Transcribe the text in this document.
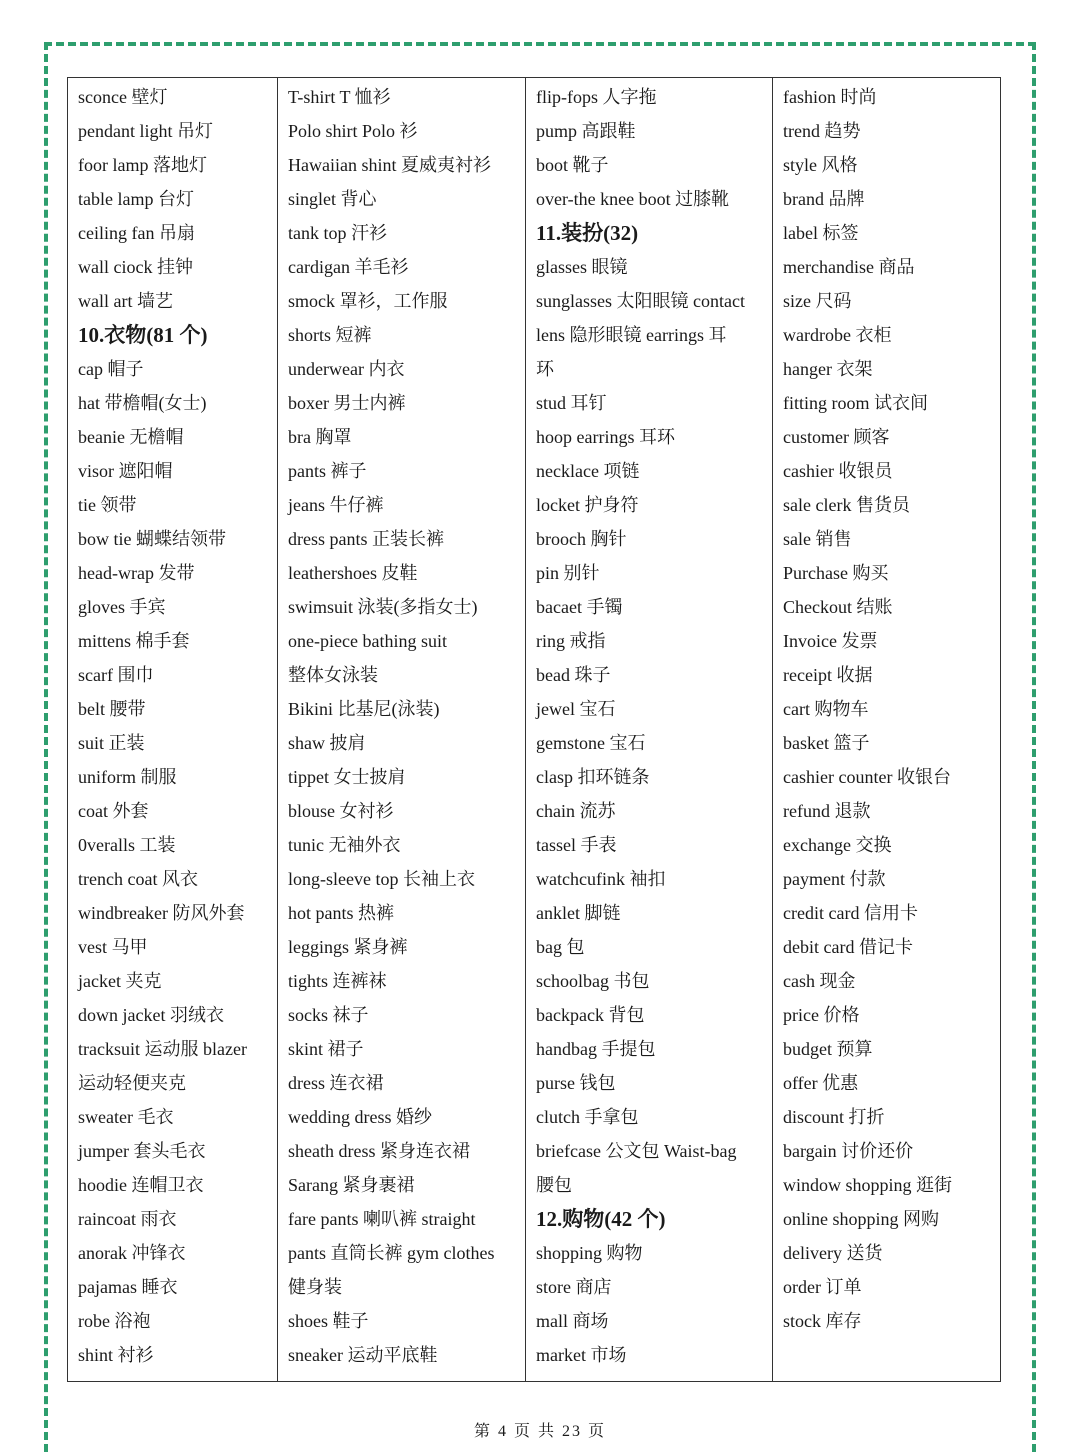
sconce 壁灯
pendant light 吊灯
foor lamp 落地灯
table lamp 台灯
ceiling fan 吊扇
wall ciock 挂钟
wall art 墙艺
10.衣物(81 个)
cap 帽子
hat 带檐帽(女士)
beanie 无檐帽
visor 遮阳帽
tie 领带
bow tie 蝴蝶结领带
head-wrap 发带
gloves 手宾
mittens 棉手套
scarf 围巾
belt 腰带
suit 正装
uniform 制服
coat 外套
0veralls 工装
trench coat 风衣
windbreaker 防风外套
vest 马甲
jacket 夹克
down jacket 羽绒衣
tracksuit 运动服 blazer
运动轻便夹克
sweater 毛衣
jumper 套头毛衣
hoodie 连帽卫衣
raincoat 雨衣
anorak 冲锋衣
pajamas 睡衣
robe 浴袍
shint 衬衫
T-shirt T 恤衫
Polo shirt Polo 衫
Hawaiian shint 夏威夷衬衫
singlet 背心
tank top 汗衫
cardigan 羊毛衫
smock 罩衫，工作服
shorts 短裤
underwear 内衣
boxer 男士内裤
bra 胸罩
pants 裤子
jeans 牛仔裤
dress pants 正装长裤
leathershoes 皮鞋
swimsuit 泳装(多指女士)
one-piece bathing suit
整体女泳装
Bikini 比基尼(泳装)
shaw 披肩
tippet 女士披肩
blouse 女衬衫
tunic 无袖外衣
long-sleeve top 长袖上衣
hot pants 热裤
leggings 紧身裤
tights 连裤袜
socks 袜子
skint 裙子
dress 连衣裙
wedding dress 婚纱
sheath dress 紧身连衣裙
Sarang 紧身裹裙
fare pants 喇叭裤 straight
pants 直筒长裤 gym clothes
健身装
shoes 鞋子
sneaker 运动平底鞋
flip-fops 人字拖
pump 高跟鞋
boot 靴子
over-the knee boot 过膝靴
11.装扮(32)
glasses 眼镜
sunglasses 太阳眼镜 contact
lens 隐形眼镜 earrings 耳
环
stud 耳钉
hoop earrings 耳环
necklace 项链
locket 护身符
brooch 胸针
pin 别针
bacaet 手镯
ring 戒指
bead 珠子
jewel 宝石
gemstone 宝石
clasp 扣环链条
chain 流苏
tassel 手表
watchcufink 袖扣
anklet 脚链
bag 包
schoolbag 书包
backpack 背包
handbag 手提包
purse 钱包
clutch 手拿包
briefcase 公文包 Waist-bag
腰包
12.购物(42 个)
shopping 购物
store 商店
mall 商场
market 市场
fashion 时尚
trend 趋势
style 风格
brand 品牌
label 标签
merchandise 商品
size 尺码
wardrobe 衣柜
hanger 衣架
fitting room 试衣间
customer 顾客
cashier 收银员
sale clerk 售货员
sale 销售
Purchase 购买
Checkout 结账
Invoice 发票
receipt 收据
cart 购物车
basket 篮子
cashier counter 收银台
refund 退款
exchange 交换
payment 付款
credit card 信用卡
debit card 借记卡
cash 现金
price 价格
budget 预算
offer 优惠
discount 打折
bargain 讨价还价
window shopping 逛街
online shopping 网购
delivery 送货
order 订单
stock 库存
第 4 页 共 23 页
